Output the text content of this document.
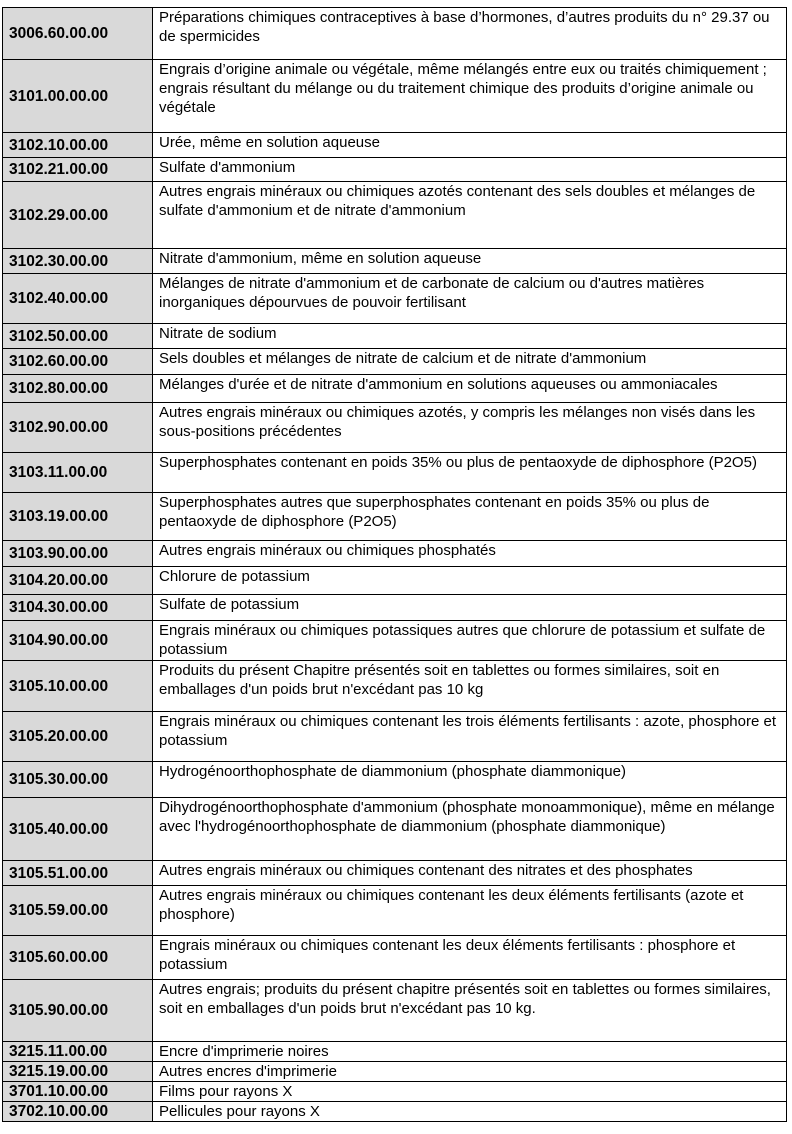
3006.60.00.00	Préparations chimiques contraceptives à base d’hormones, d’autres produits du n° 29.37 ou de spermicides
3101.00.00.00	Engrais d’origine animale ou végétale, même mélangés entre eux ou traités chimiquement ; engrais résultant du mélange ou du traitement chimique des produits d’origine animale ou végétale
3102.10.00.00	Urée, même en solution aqueuse
3102.21.00.00	Sulfate d'ammonium
3102.29.00.00	Autres engrais minéraux ou chimiques azotés contenant des sels doubles et mélanges de sulfate d'ammonium et de nitrate d'ammonium
3102.30.00.00	Nitrate d'ammonium, même en solution aqueuse
3102.40.00.00	Mélanges de nitrate d'ammonium et de carbonate de calcium ou d'autres matières inorganiques dépourvues de pouvoir fertilisant
3102.50.00.00	Nitrate de sodium
3102.60.00.00	Sels doubles et mélanges de nitrate de calcium et de nitrate d'ammonium
3102.80.00.00	Mélanges d'urée et de nitrate d'ammonium en solutions aqueuses ou ammoniacales
3102.90.00.00	Autres engrais minéraux ou chimiques azotés, y compris les mélanges non visés dans les sous-positions précédentes
3103.11.00.00	Superphosphates contenant en poids 35% ou plus de pentaoxyde de diphosphore (P2O5)
3103.19.00.00	Superphosphates autres que superphosphates contenant en poids 35% ou plus de pentaoxyde de diphosphore (P2O5)
3103.90.00.00	Autres engrais minéraux ou chimiques phosphatés
3104.20.00.00	Chlorure de potassium
3104.30.00.00	Sulfate de potassium
3104.90.00.00	Engrais minéraux ou chimiques potassiques autres que chlorure de potassium et sulfate de potassium
3105.10.00.00	Produits du présent Chapitre présentés soit en tablettes ou formes similaires, soit en emballages d'un poids brut n'excédant pas 10 kg
3105.20.00.00	Engrais minéraux ou chimiques contenant les trois éléments fertilisants : azote, phosphore et potassium
3105.30.00.00	Hydrogénoorthophosphate de diammonium (phosphate diammonique)
3105.40.00.00	Dihydrogénoorthophosphate d'ammonium (phosphate monoammonique), même en mélange avec l'hydrogénoorthophosphate de diammonium (phosphate diammonique)
3105.51.00.00	Autres engrais minéraux ou chimiques contenant des nitrates et des phosphates
3105.59.00.00	Autres engrais minéraux ou chimiques contenant les deux éléments fertilisants (azote et phosphore)
3105.60.00.00	Engrais minéraux ou chimiques contenant les deux éléments fertilisants : phosphore et potassium
3105.90.00.00	Autres engrais; produits du présent chapitre présentés soit en tablettes ou formes similaires, soit en emballages d'un poids brut n'excédant pas 10 kg.
3215.11.00.00	Encre d'imprimerie noires
3215.19.00.00	Autres encres d'imprimerie
3701.10.00.00	Films pour rayons X
3702.10.00.00	Pellicules pour rayons X
